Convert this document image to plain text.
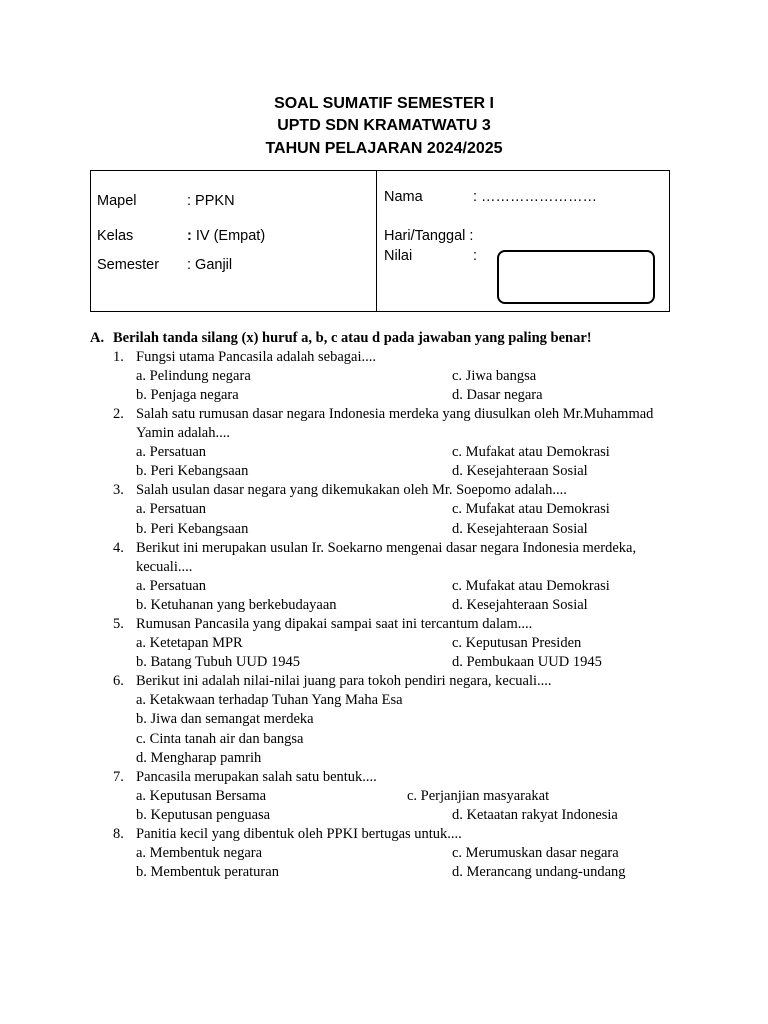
SOAL SUMATIF SEMESTER I
UPTD SDN KRAMATWATU 3
TAHUN PELAJARAN 2024/2025
Mapel	: PPKN
Kelas	: IV (Empat)
Semester : Ganjil
Nama	: ……………………
Hari/Tanggal :
Nilai	:
A. Berilah tanda silang (x) huruf a, b, c atau d pada jawaban yang paling benar!
1. Fungsi utama Pancasila adalah sebagai....
a. Pelindung negara	c. Jiwa bangsa
b. Penjaga negara	d. Dasar negara
2. Salah satu rumusan dasar negara Indonesia merdeka yang diusulkan oleh Mr.Muhammad
Yamin adalah....
a. Persatuan	c. Mufakat atau Demokrasi
b. Peri Kebangsaan	d. Kesejahteraan Sosial
3. Salah usulan dasar negara yang dikemukakan oleh Mr. Soepomo adalah....
a. Persatuan	c. Mufakat atau Demokrasi
b. Peri Kebangsaan	d. Kesejahteraan Sosial
4. Berikut ini merupakan usulan Ir. Soekarno mengenai dasar negara Indonesia merdeka,
kecuali....
a. Persatuan	c. Mufakat atau Demokrasi
b. Ketuhanan yang berkebudayaan	d. Kesejahteraan Sosial
5. Rumusan Pancasila yang dipakai sampai saat ini tercantum dalam....
a. Ketetapan MPR	c. Keputusan Presiden
b. Batang Tubuh UUD 1945	d. Pembukaan UUD 1945
6. Berikut ini adalah nilai-nilai juang para tokoh pendiri negara, kecuali....
a. Ketakwaan terhadap Tuhan Yang Maha Esa
b. Jiwa dan semangat merdeka
c. Cinta tanah air dan bangsa
d. Mengharap pamrih
7. Pancasila merupakan salah satu bentuk....
a. Keputusan Bersama	c. Perjanjian masyarakat
b. Keputusan penguasa	d. Ketaatan rakyat Indonesia
8. Panitia kecil yang dibentuk oleh PPKI bertugas untuk....
a. Membentuk negara	c. Merumuskan dasar negara
b. Membentuk peraturan	d. Merancang undang-undang
